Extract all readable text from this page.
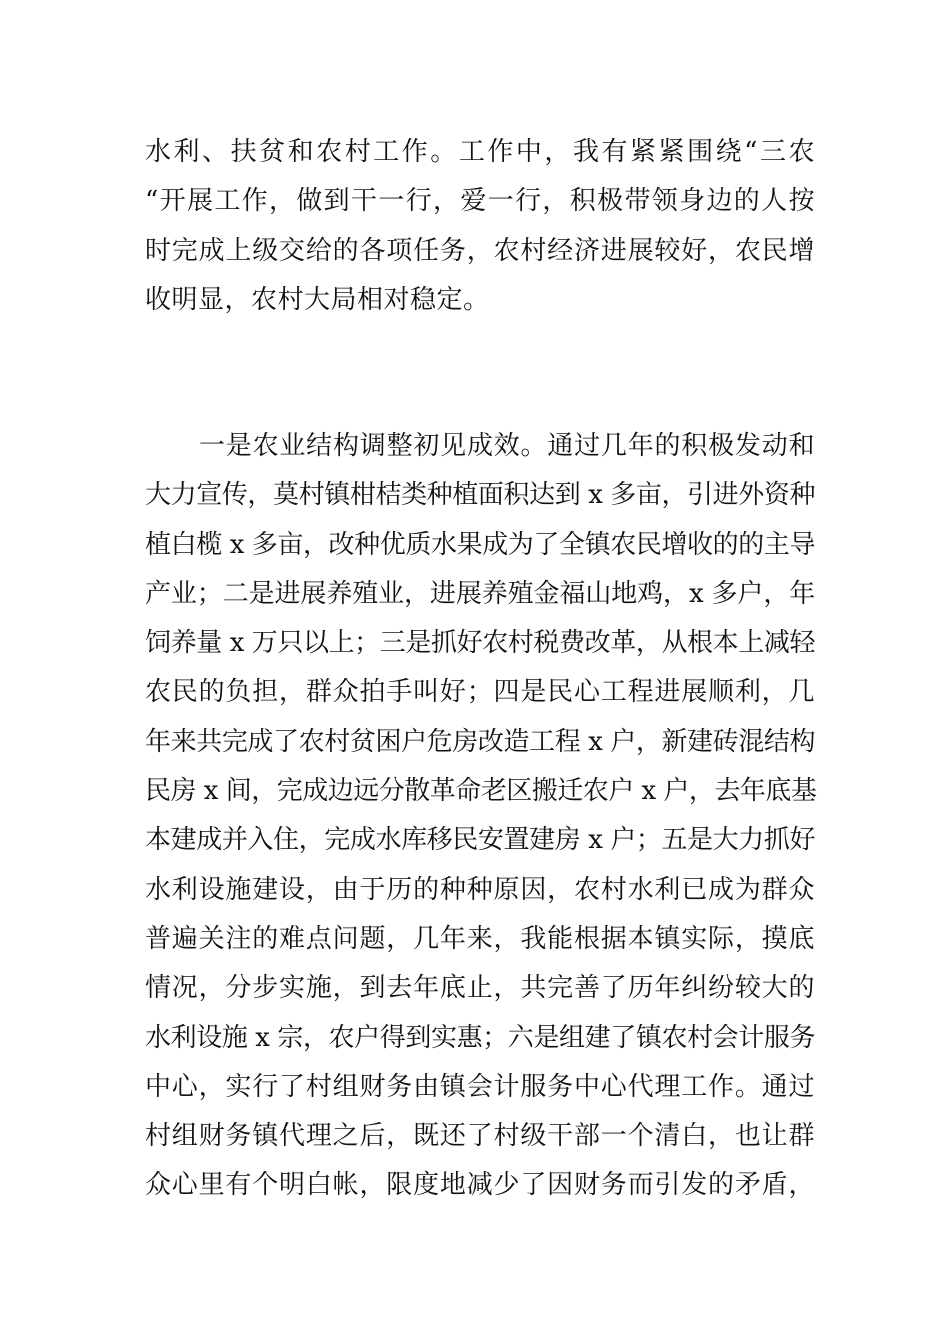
水利、扶贫和农村工作。工作中，我有紧紧围绕“三农
“开展工作，做到干一行，爱一行，积极带领身边的人按
时完成上级交给的各项任务，农村经济进展较好，农民增
收明显，农村大局相对稳定。
一是农业结构调整初见成效。通过几年的积极发动和
大力宣传，莫村镇柑桔类种植面积达到 x 多亩，引进外资种
植白榄 x 多亩，改种优质水果成为了全镇农民增收的的主导
产业；二是进展养殖业，进展养殖金福山地鸡，x 多户，年
饲养量 x 万只以上；三是抓好农村税费改革，从根本上减轻
农民的负担，群众拍手叫好；四是民心工程进展顺利，几
年来共完成了农村贫困户危房改造工程 x 户，新建砖混结构
民房 x 间，完成边远分散革命老区搬迁农户 x 户，去年底基
本建成并入住，完成水库移民安置建房 x 户；五是大力抓好
水利设施建设，由于历的种种原因，农村水利已成为群众
普遍关注的难点问题，几年来，我能根据本镇实际，摸底
情况，分步实施，到去年底止，共完善了历年纠纷较大的
水利设施 x 宗，农户得到实惠；六是组建了镇农村会计服务
中心，实行了村组财务由镇会计服务中心代理工作。通过
村组财务镇代理之后，既还了村级干部一个清白，也让群
众心里有个明白帐，限度地减少了因财务而引发的矛盾，
